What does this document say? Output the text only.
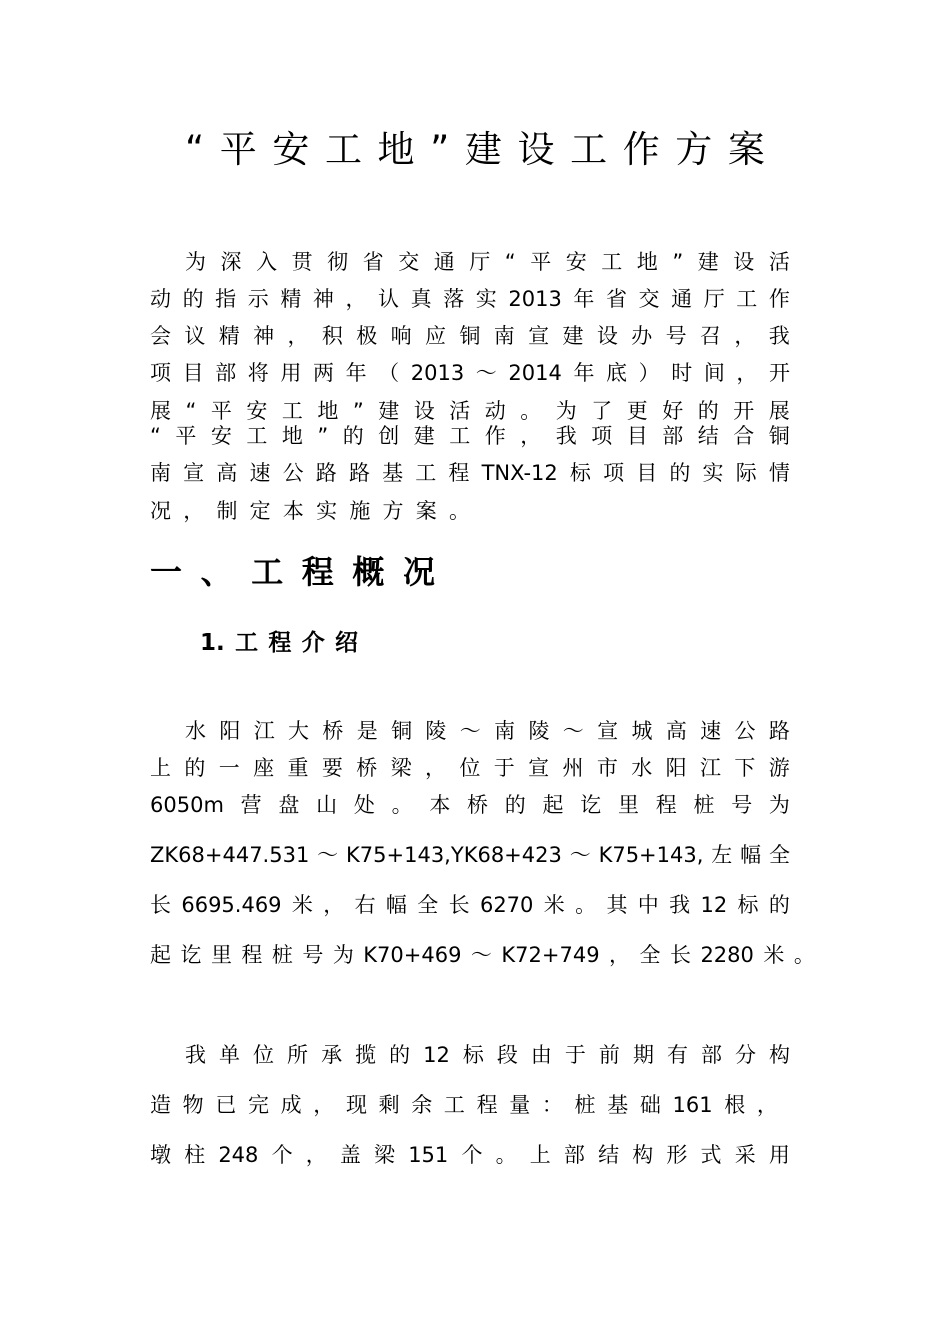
“ 平 安 工 地 ” 建 设 工 作 方 案
为 深 入 贯 彻 省 交 通 厅 “ 平 安 工 地 ” 建 设 活
动 的 指 示 精 神 ， 认 真 落 实 2013 年 省 交 通 厅 工 作
会 议 精 神 ， 积 极 响 应 铜 南 宣 建 设 办 号 召 ， 我
项 目 部 将 用 两 年 （ 2013 ～ 2014 年 底 ） 时 间 ， 开
展 “ 平 安 工 地 ” 建 设 活 动 。 为 了 更 好 的 开 展
“ 平 安 工 地 ” 的 创 建 工 作 ， 我 项 目 部 结 合 铜
南 宣 高 速 公 路 路 基 工 程 TNX-12 标 项 目 的 实 际 情
况 ， 制 定 本 实 施 方 案 。
一 、 工 程 概 况
1. 工 程 介 绍
水 阳 江 大 桥 是 铜 陵 ～ 南 陵 ～ 宣 城 高 速 公 路
上 的 一 座 重 要 桥 梁 ， 位 于 宣 州 市 水 阳 江 下 游
6050m 营 盘 山 处 。 本 桥 的 起 讫 里 程 桩 号 为
ZK68+447.531 ～ K75+143,YK68+423 ～ K75+143, 左 幅 全
长 6695.469 米 ， 右 幅 全 长 6270 米 。 其 中 我 12 标 的
起 讫 里 程 桩 号 为 K70+469 ～ K72+749 ， 全 长 2280 米 。
我 单 位 所 承 揽 的 12 标 段 由 于 前 期 有 部 分 构
造 物 已 完 成 ， 现 剩 余 工 程 量 ： 桩 基 础 161 根 ，
墩 柱 248 个 ， 盖 梁 151 个 。 上 部 结 构 形 式 采 用
